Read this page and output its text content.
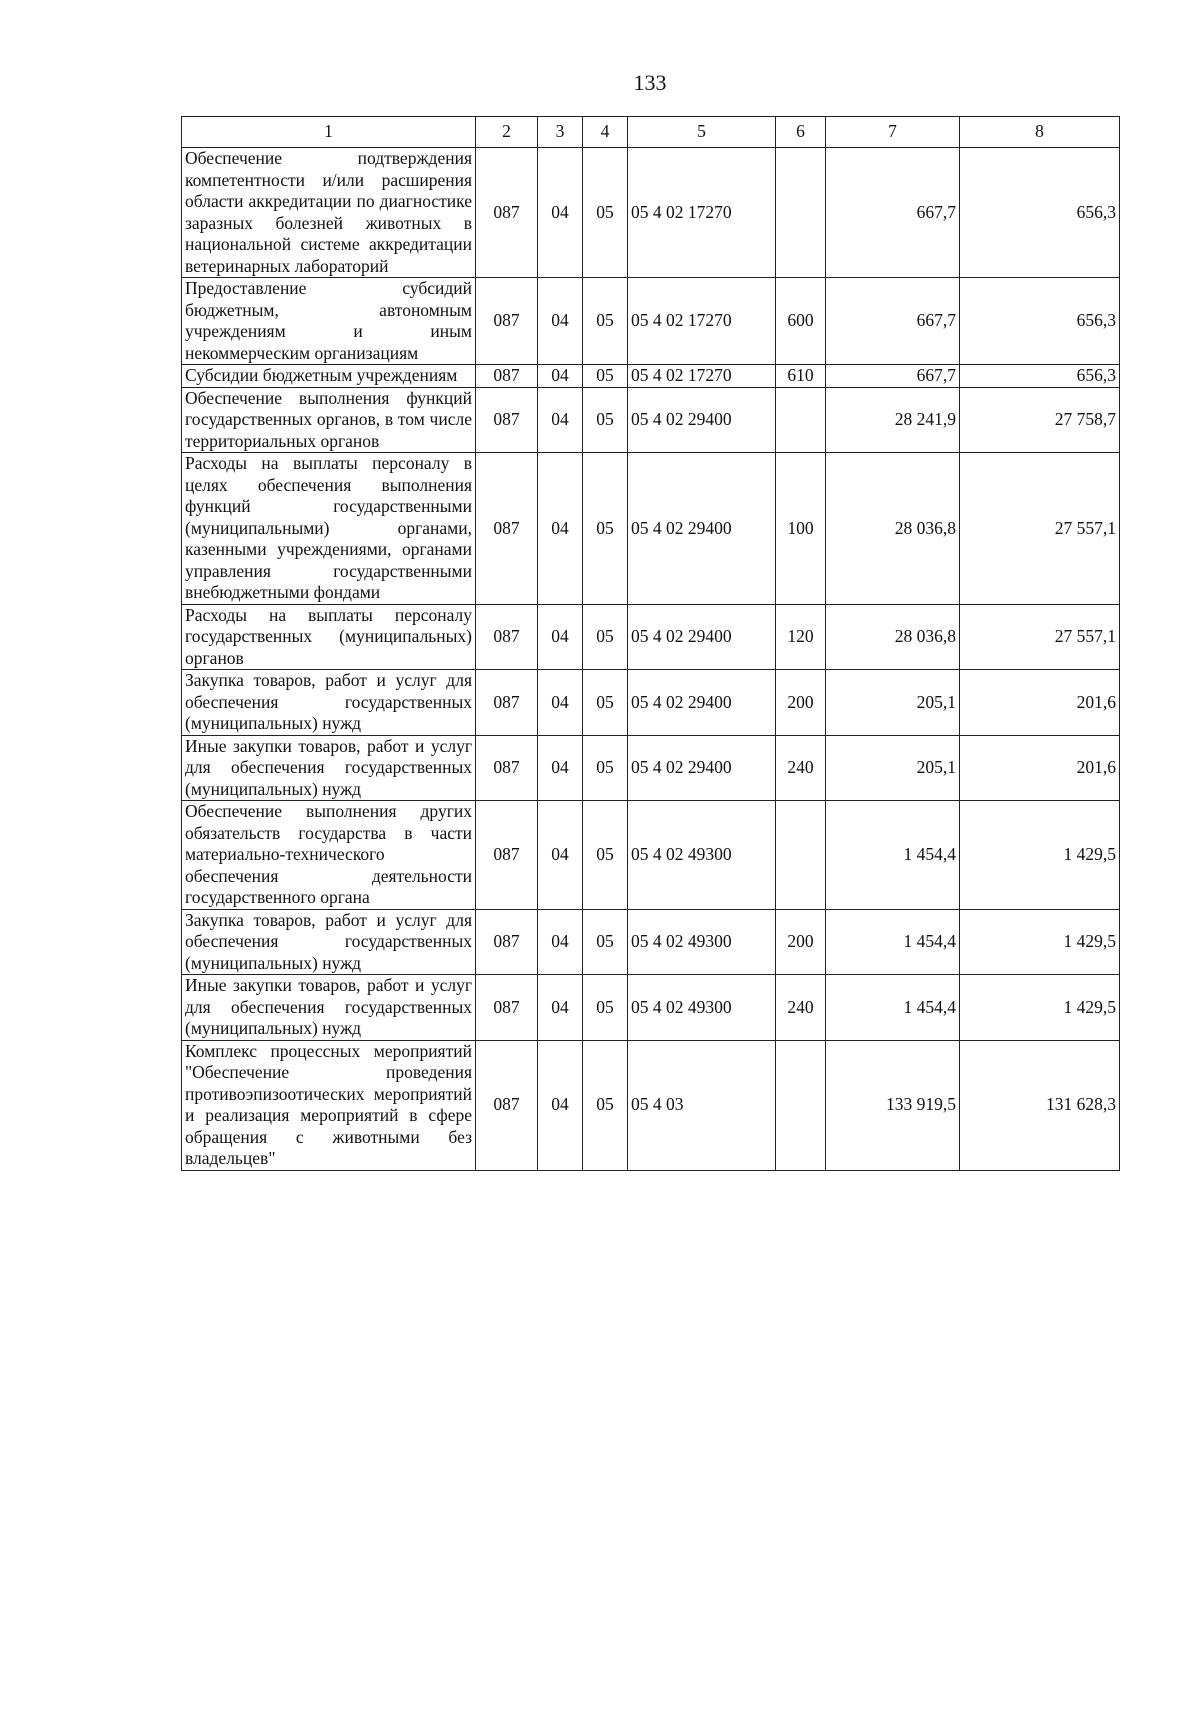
133
1	2	3	4	5	6	7	8
Обеспечение подтверждения компетентности и/или расширения области аккредитации по диагностике заразных болезней животных в национальной системе аккредитации ветеринарных лабораторий	087	04	05	05 4 02 17270		667,7	656,3
Предоставление субсидий бюджетным, автономным учреждениям и иным некоммерческим организациям	087	04	05	05 4 02 17270	600	667,7	656,3
Субсидии бюджетным учреждениям	087	04	05	05 4 02 17270	610	667,7	656,3
Обеспечение выполнения функций государственных органов, в том числе территориальных органов	087	04	05	05 4 02 29400		28 241,9	27 758,7
Расходы на выплаты персоналу в целях обеспечения выполнения функций государственными (муниципальными) органами, казенными учреждениями, органами управления государственными внебюджетными фондами	087	04	05	05 4 02 29400	100	28 036,8	27 557,1
Расходы на выплаты персоналу государственных (муниципальных) органов	087	04	05	05 4 02 29400	120	28 036,8	27 557,1
Закупка товаров, работ и услуг для обеспечения государственных (муниципальных) нужд	087	04	05	05 4 02 29400	200	205,1	201,6
Иные закупки товаров, работ и услуг для обеспечения государственных (муниципальных) нужд	087	04	05	05 4 02 29400	240	205,1	201,6
Обеспечение выполнения других обязательств государства в части материально-технического обеспечения деятельности государственного органа	087	04	05	05 4 02 49300		1 454,4	1 429,5
Закупка товаров, работ и услуг для обеспечения государственных (муниципальных) нужд	087	04	05	05 4 02 49300	200	1 454,4	1 429,5
Иные закупки товаров, работ и услуг для обеспечения государственных (муниципальных) нужд	087	04	05	05 4 02 49300	240	1 454,4	1 429,5
Комплекс процессных мероприятий "Обеспечение проведения противоэпизоотических мероприятий и реализация мероприятий в сфере обращения с животными без владельцев"	087	04	05	05 4 03		133 919,5	131 628,3
